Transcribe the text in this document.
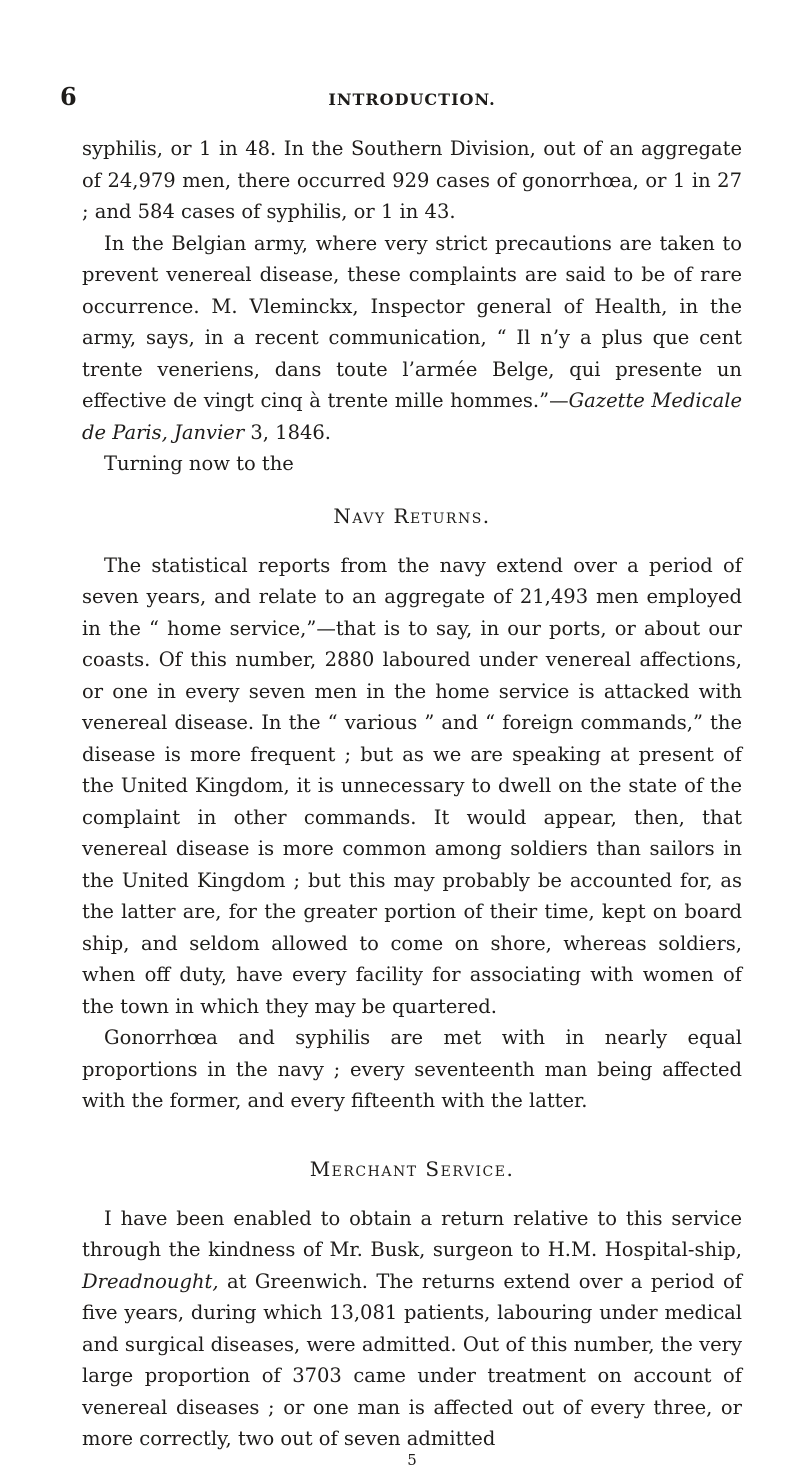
6	INTRODUCTION.

syphilis, or 1 in 48. In the Southern Division, out of an aggregate of 24,979 men, there occurred 929 cases of gonorrhœa, or 1 in 27 ; and 584 cases of syphilis, or 1 in 43.

In the Belgian army, where very strict precautions are taken to prevent venereal disease, these complaints are said to be of rare occurrence. M. Vleminckx, Inspector general of Health, in the army, says, in a recent communication, “ Il n’y a plus que cent trente veneriens, dans toute l’armée Belge, qui presente un effective de vingt cinq à trente mille hommes.”—Gazette Medicale de Paris, Janvier 3, 1846.

Turning now to the

Navy Returns.

The statistical reports from the navy extend over a period of seven years, and relate to an aggregate of 21,493 men employed in the “ home service,”—that is to say, in our ports, or about our coasts. Of this number, 2880 laboured under venereal affections, or one in every seven men in the home service is attacked with venereal disease. In the “ various ” and “ foreign commands,” the disease is more frequent ; but as we are speaking at present of the United Kingdom, it is unnecessary to dwell on the state of the complaint in other commands. It would appear, then, that venereal disease is more common among soldiers than sailors in the United Kingdom ; but this may probably be accounted for, as the latter are, for the greater portion of their time, kept on board ship, and seldom allowed to come on shore, whereas soldiers, when off duty, have every facility for associating with women of the town in which they may be quartered.

Gonorrhœa and syphilis are met with in nearly equal proportions in the navy ; every seventeenth man being affected with the former, and every fifteenth with the latter.

Merchant Service.

I have been enabled to obtain a return relative to this service through the kindness of Mr. Busk, surgeon to H.M. Hospital-ship, Dreadnought, at Greenwich. The returns extend over a period of five years, during which 13,081 patients, labouring under medical and surgical diseases, were admitted. Out of this number, the very large proportion of 3703 came under treatment on account of venereal diseases ; or one man is affected out of every three, or more correctly, two out of seven admitted

5
